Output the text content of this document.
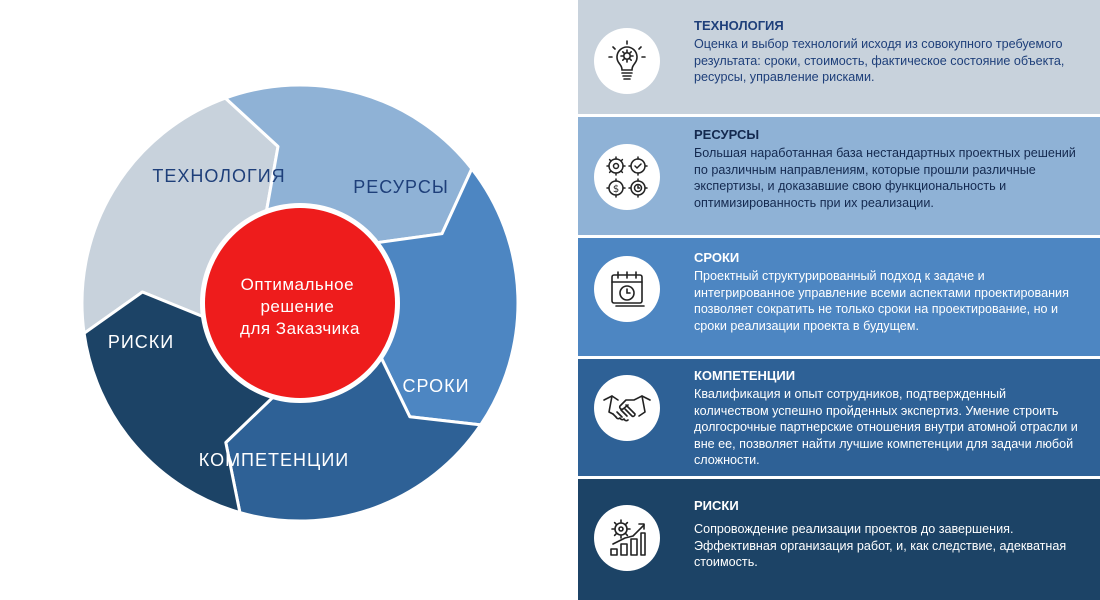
Оптимальное решение для Заказчика
ТЕХНОЛОГИЯ
РЕСУРСЫ
СРОКИ
КОМПЕТЕНЦИИ
РИСКИ

ТЕХНОЛОГИЯ

Оценка и выбор технологий исходя из совокупного требуемого результата: сроки, стоимость, фактическое состояние объекта, ресурсы, управление рисками.

$

РЕСУРСЫ

Большая наработанная база нестандартных проектных решений по различным направлениям, которые прошли различные экспертизы, и доказавшие свою функциональность и оптимизированность при их реализации.

СРОКИ

Проектный структурированный подход к задаче и интегрированное управление всеми аспектами проектирования позволяет сократить не только сроки на проектирование, но и сроки реализации проекта в будущем.

КОМПЕТЕНЦИИ

Квалификация и опыт сотрудников, подтвержденный количеством успешно пройденных экспертиз. Умение строить долгосрочные партнерские отношения внутри атомной отрасли и вне ее, позволяет найти лучшие компетенции для задачи любой сложности.

РИСКИ

Сопровождение реализации проектов до завершения. Эффективная организация работ, и, как следствие, адекватная стоимость.
